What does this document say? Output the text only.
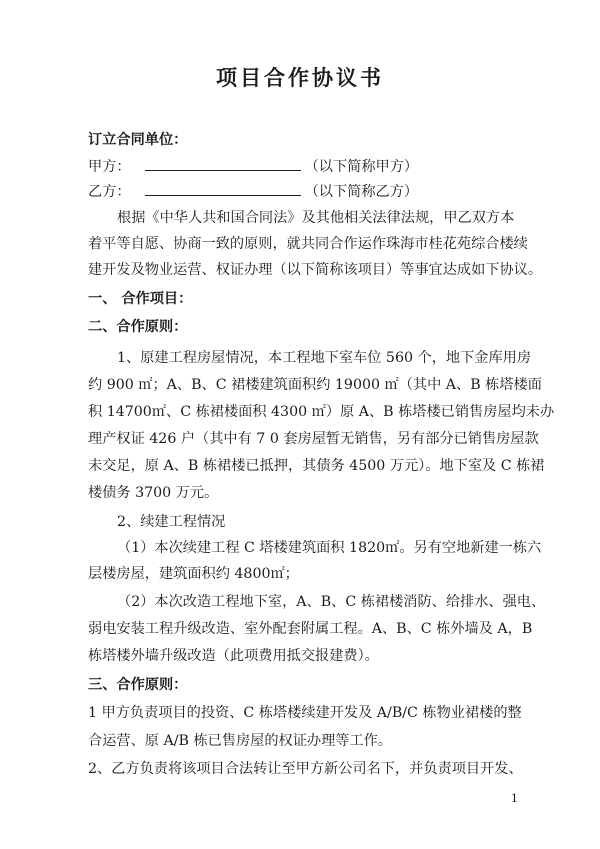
项目合作协议书
订立合同单位：
甲方：	（以下简称甲方）
乙方：	（以下简称乙方）
根据《中华人共和国合同法》及其他相关法律法规，甲乙双方本
着平等自愿、协商一致的原则，就共同合作运作珠海市桂花苑综合楼续
建开发及物业运营、权证办理（以下简称该项目）等事宜达成如下协议。
一、 合作项目：
二、合作原则：
1、原建工程房屋情况，本工程地下室车位 560 个，地下金库用房
约 900 ㎡；A、B、C 裙楼建筑面积约 19000 ㎡（其中 A、B 栋塔楼面
积 14700㎡、C 栋裙楼面积 4300 ㎡）原 A、B 栋塔楼已销售房屋均未办
理产权证 426 户（其中有 7 0 套房屋暂无销售，另有部分已销售房屋款
未交足，原 A、B 栋裙楼已抵押，其债务 4500 万元）。地下室及 C 栋裙
楼债务 3700 万元。
2、续建工程情况
（1）本次续建工程 C 塔楼建筑面积 1820㎡。另有空地新建一栋六
层楼房屋，建筑面积约 4800㎡；
（2）本次改造工程地下室，A、B、C 栋裙楼消防、给排水、强电、
弱电安装工程升级改造、室外配套附属工程。A、B、C 栋外墙及 A，B
栋塔楼外墙升级改造（此项费用抵交报建费）。
三、合作原则：
1 甲方负责项目的投资、C 栋塔楼续建开发及 A/B/C 栋物业裙楼的整
合运营、原 A/B 栋已售房屋的权证办理等工作。
2、乙方负责将该项目合法转让至甲方新公司名下，并负责项目开发、
1
